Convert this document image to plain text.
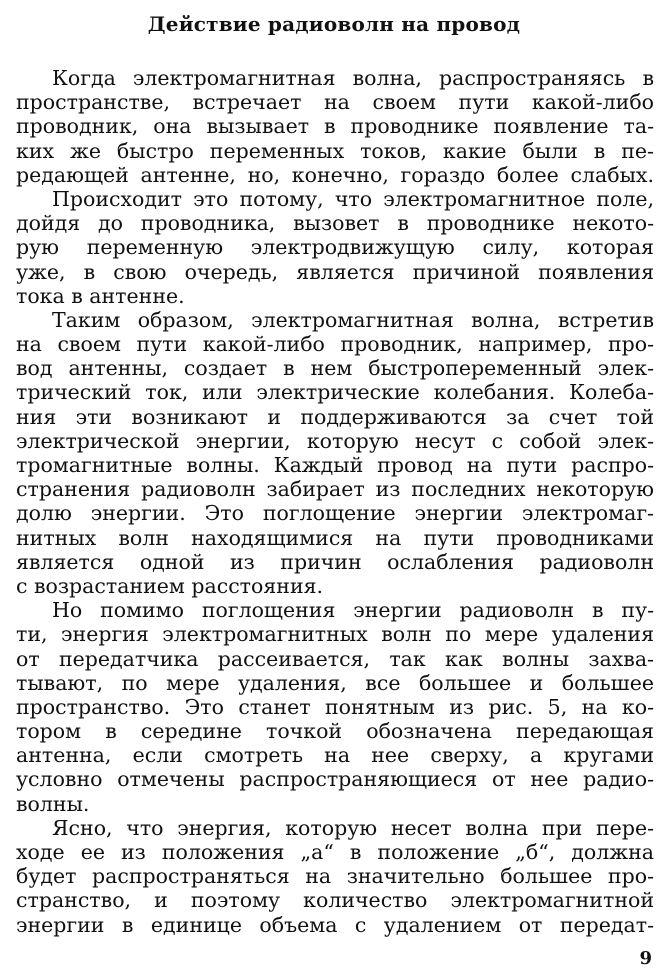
Действие радиоволн на провод
Когда электромагнитная волна, распространяясь в
пространстве, встречает на своем пути какой-либо
проводник, она вызывает в проводнике появление та-
ких же быстро переменных токов, какие были в пе-
редающей антенне, но, конечно, гораздо более слабых.
Происходит это потому, что электромагнитное поле,
дойдя до проводника, вызовет в проводнике некото-
рую переменную электродвижущую силу, которая
уже, в свою очередь, является причиной появления
тока в антенне.
Таким образом, электромагнитная волна, встретив
на своем пути какой-либо проводник, например, про-
вод антенны, создает в нем быстропеременный элек-
трический ток, или электрические колебания. Колеба-
ния эти возникают и поддерживаются за счет той
электрической энергии, которую несут с собой элек-
тромагнитные волны. Каждый провод на пути распро-
странения радиоволн забирает из последних некоторую
долю энергии. Это поглощение энергии электромаг-
нитных волн находящимися на пути проводниками
является одной из причин ослабления радиоволн
с возрастанием расстояния.
Но помимо поглощения энергии радиоволн в пу-
ти, энергия электромагнитных волн по мере удаления
от передатчика рассеивается, так как волны захва-
тывают, по мере удаления, все большее и большее
пространство. Это станет понятным из рис. 5, на ко-
тором в середине точкой обозначена передающая
антенна, если смотреть на нее сверху, а кругами
условно отмечены распространяющиеся от нее радио-
волны.
Ясно, что энергия, которую несет волна при пере-
ходе ее из положения „а“ в положение „б“, должна
будет распространяться на значительно большее про-
странство, и поэтому количество электромагнитной
энергии в единице объема с удалением от передат-
9
